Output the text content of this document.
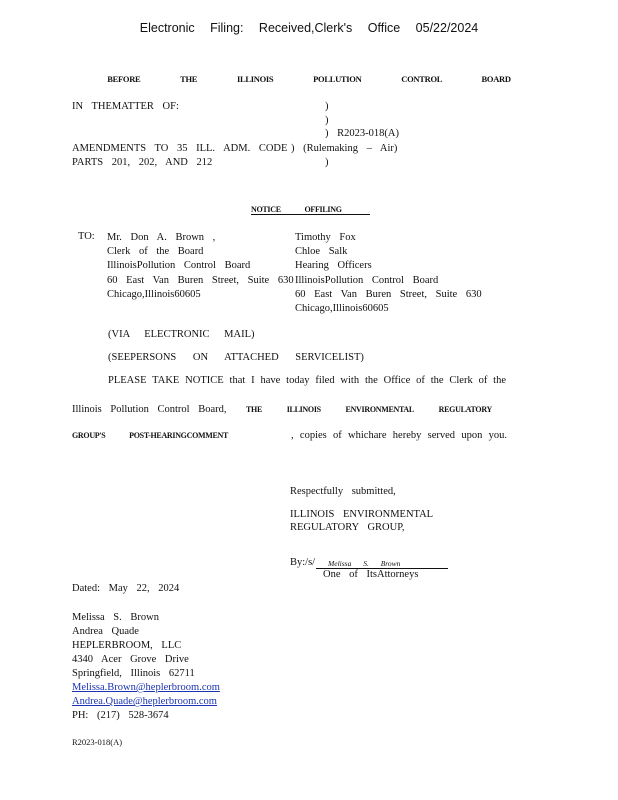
Electronic Filing: Received,Clerk's Office 05/22/2024
BEFORE THE ILLINOIS POLLUTION CONTROL BOARD
IN THEMATTER OF:	)
)
) R2023-018(A)
AMENDMENTS TO 35 ILL. ADM. CODE ) (Rulemaking – Air)
PARTS 201, 202, AND 212	)
NOTICE OFFILING
TO: Mr. Don A. Brown ,
Clerk of the Board
IllinoisPollution Control Board
60 East Van Buren Street, Suite 630
Chicago,Illinois60605
Timothy Fox
Chloe Salk
Hearing Officers
IllinoisPollution Control Board
60 East Van Buren Street, Suite 630
Chicago,Illinois60605
(VIA ELECTRONIC MAIL)
(SEEPERSONS ON ATTACHED SERVICELIST)
PLEASE TAKE NOTICE that I have today filed with the Office of the Clerk of the
Illinois Pollution Control Board, THE	ILLINOIS	ENVIRONMENTAL	REGULATORY
GROUP'S POST-HEARINGCOMMENT	, copies of whichare hereby served upon you.
Respectfully submitted,
ILLINOIS ENVIRONMENTAL
REGULATORY GROUP,
By:/s/ Melissa S. Brown
One of ItsAttorneys
Dated: May 22, 2024
Melissa S. Brown
Andrea Quade
HEPLERBROOM, LLC
4340 Acer Grove Drive
Springfield, Illinois 62711
Melissa.Brown@heplerbroom.com
Andrea.Quade@heplerbroom.com
PH: (217) 528-3674
R2023-018(A)
